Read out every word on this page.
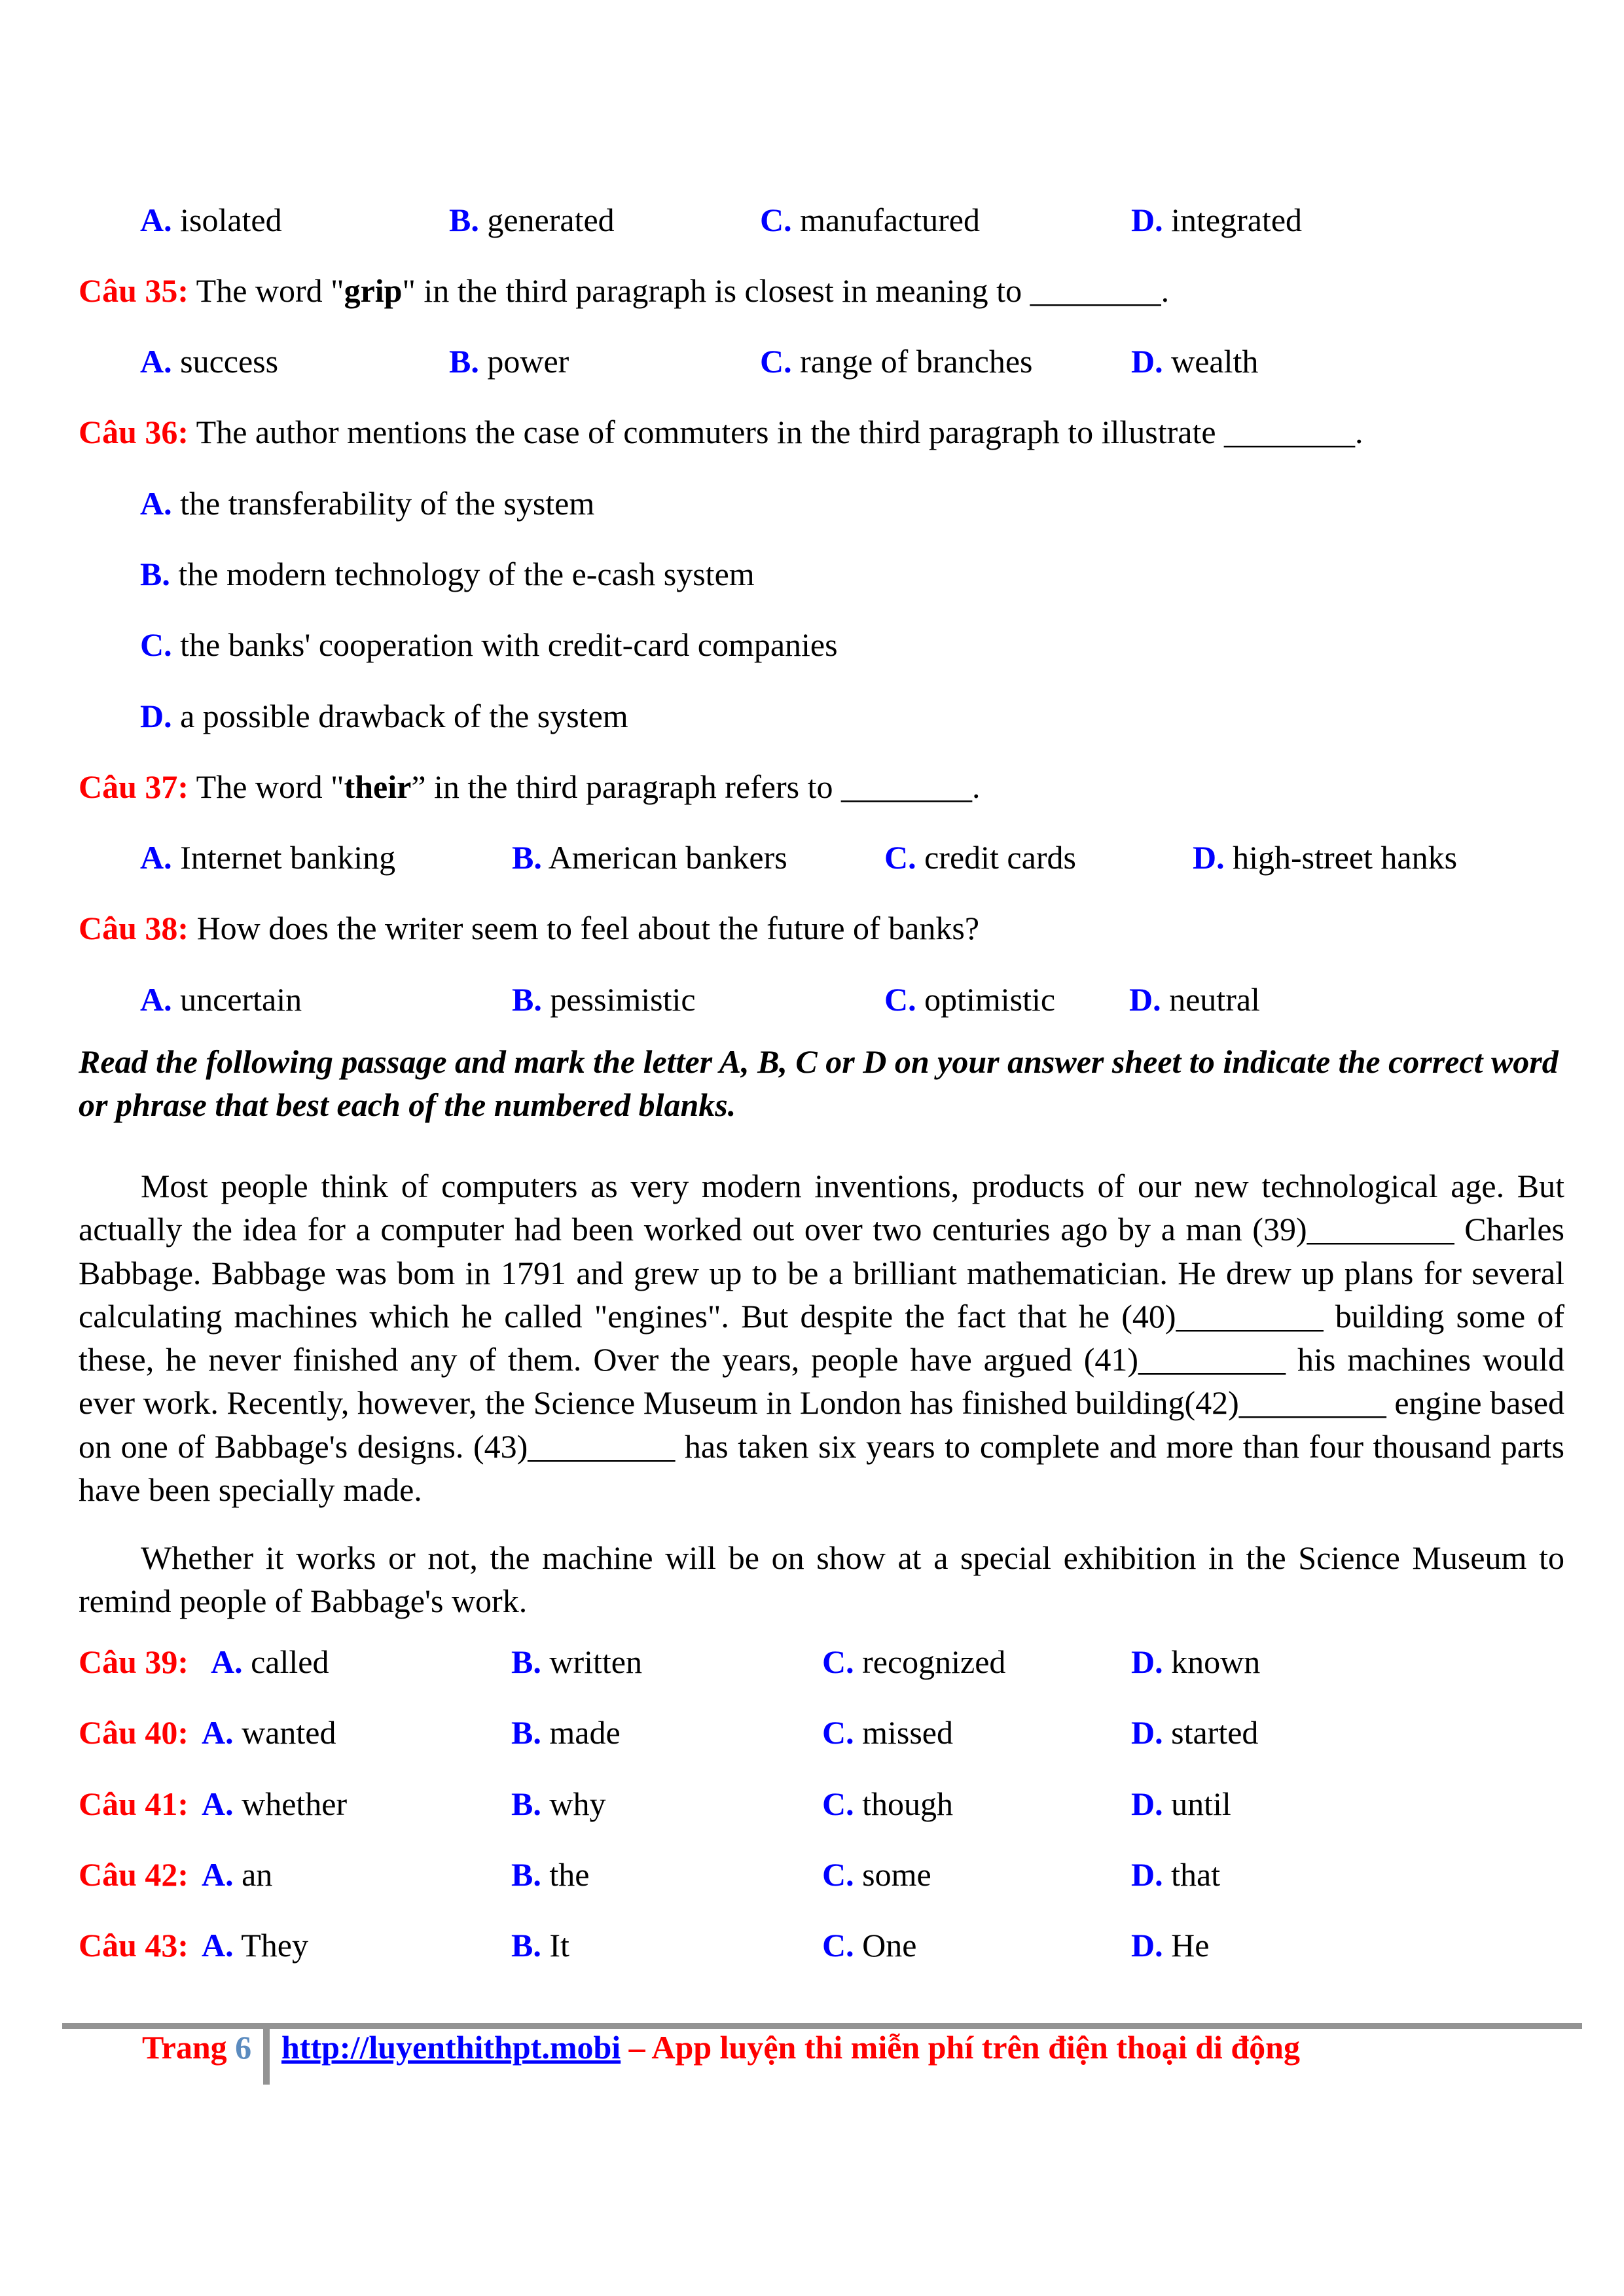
A. isolated	B. generated	C. manufactured	D. integrated
Câu 35: The word "grip" in the third paragraph is closest in meaning to ________.
A. success	B. power	C. range of branches	D. wealth
Câu 36: The author mentions the case of commuters in the third paragraph to illustrate ________.
A. the transferability of the system
B. the modern technology of the e-cash system
C. the banks' cooperation with credit-card companies
D. a possible drawback of the system
Câu 37: The word "their” in the third paragraph refers to ________.
A. Internet banking	B. American bankers	C. credit cards	D. high-street hanks
Câu 38: How does the writer seem to feel about the future of banks?
A. uncertain	B. pessimistic	C. optimistic D. neutral
Read the following passage and mark the letter A, B, C or D on your answer sheet to indicate the correct word
or phrase that best each of the numbered blanks.
Most people think of computers as very modern inventions, products of our new technological age. But actually the idea for a computer had been worked out over two centuries ago by a man (39)_________ Charles Babbage. Babbage was bom in 1791 and grew up to be a brilliant mathematician. He drew up plans for several calculating machines which he called "engines". But despite the fact that he (40)_________ building some of these, he never finished any of them. Over the years, people have argued (41)_________ his machines would ever work. Recently, however, the Science Museum in London has finished building(42)_________ engine based on one of Babbage's designs. (43)_________ has taken six years to complete and more than four thousand parts have been specially made.
Whether it works or not, the machine will be on show at a special exhibition in the Science Museum to remind people of Babbage's work.
Câu 39: A. called	B. written	C. recognized	D. known
Câu 40: A. wanted	B. made	C. missed	D. started
Câu 41: A. whether	B. why	C. though	D. until
Câu 42: A. an	B. the	C. some	D. that
Câu 43: A. They	B. It	C. One	D. He
Trang 6 http://luyenthithpt.mobi – App luyện thi miễn phí trên điện thoại di động
